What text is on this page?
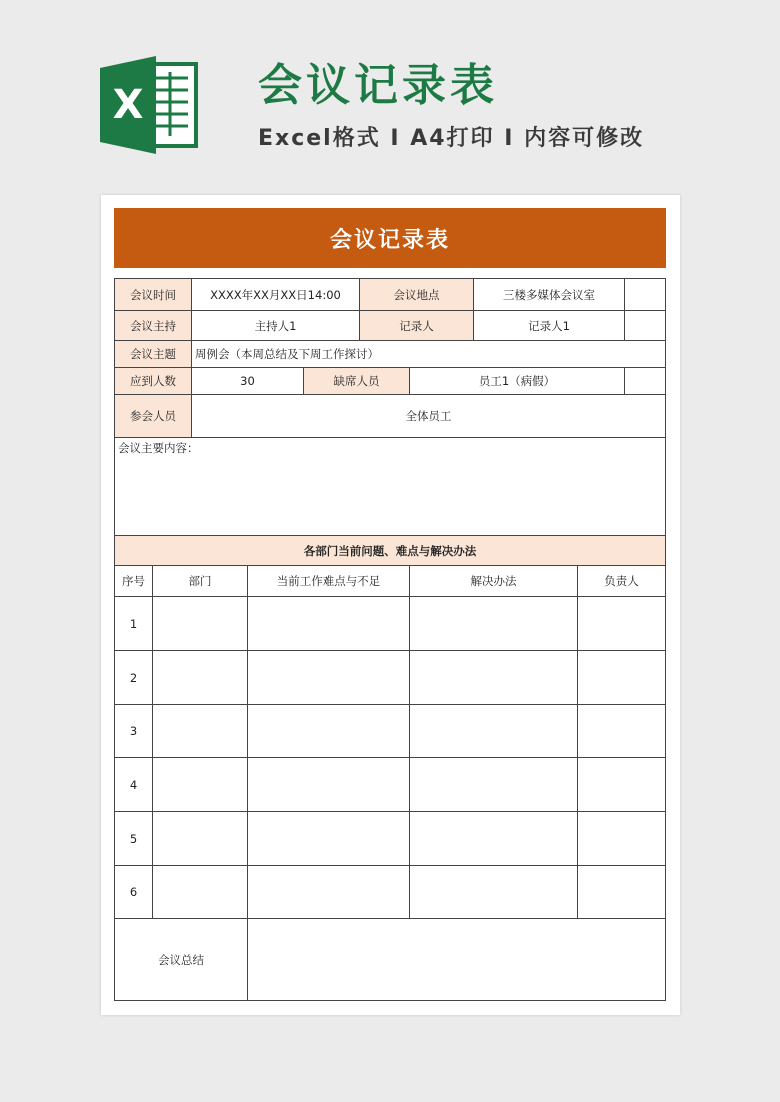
X	会议记录表
Excel格式 I A4打印 I 内容可修改
会议记录表
会议时间	XXXX年XX月XX日14:00	会议地点	三楼多媒体会议室
会议主持	主持人1	记录人	记录人1
会议主题	周例会（本周总结及下周工作探讨）
应到人数	30	缺席人员	员工1（病假）
参会人员	全体员工
会议主要内容：
各部门当前问题、难点与解决办法
序号	部门	当前工作难点与不足	解决办法	负责人
1
2
3
4
5
6
会议总结
